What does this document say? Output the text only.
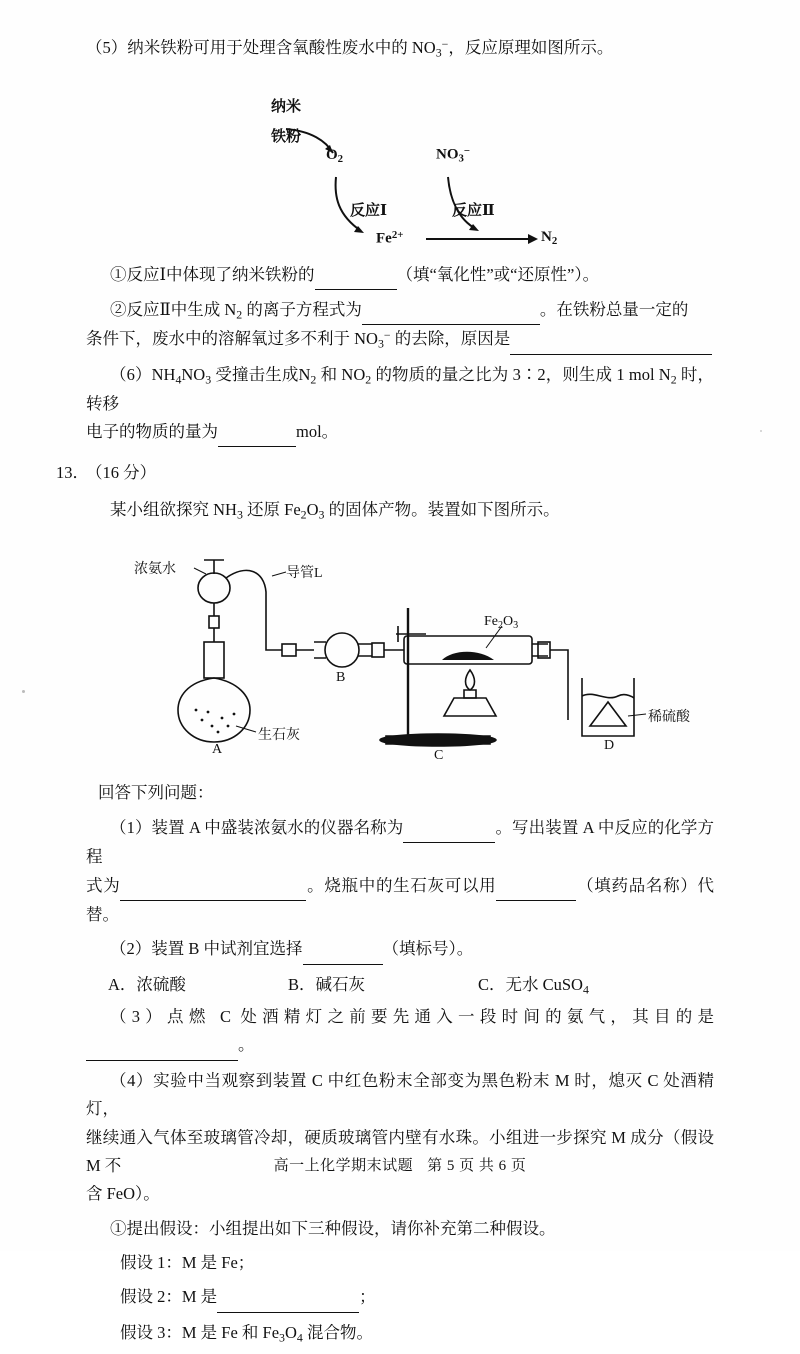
（5）纳米铁粉可用于处理含氧酸性废水中的 $NO_3^-$，反应原理如图所示。

纳米
铁粉
$O_2$	$NO_3^-$
反应Ⅰ	反应Ⅱ
$Fe^{2+}$	$N_2$

①反应Ⅰ中体现了纳米铁粉的	（填“氧化性”或“还原性”）。

②反应Ⅱ中生成 $N_2$ 的离子方程式为	。在铁粉总量一定的

条件下，废水中的溶解氧过多不利于 $NO_3^-$ 的去除，原因是

$(6)NH_4NO_3$ 受撞击生成$N_2$ 和 $NO_2$ 的物质的量之比为 3∶2，则生成 1 mol $N_2$ 时，转移

电子的物质的量为	mol。

13．
（16 分）

某小组欲探究 $NH_3$ 还原 $Fe_2O_3$ 的固体产物。装置如下图所示。

浓氨水	导管L
生石灰
A
B
C
D
$Fe_2O_3$
稀硫酸

回答下列问题：

（1）装置 A 中盛装浓氨水的仪器名称为	。写出装置 A 中反应的化学方程

式为	。烧瓶中的生石灰可以用	（填药品名称）代替。

（2）装置 B 中试剂宜选择	（填标号）。

A．浓硫酸	B．碱石灰	C．无水 CuSO$_4$

（3）点燃 C 处酒精灯之前要先通入一段时间的氨气，其目的是 。

（4）实验中当观察到装置 C 中红色粉末全部变为黑色粉末 M 时，熄灭 C 处酒精灯，

继续通入气体至玻璃管冷却，硬质玻璃管内壁有水珠。小组进一步探究 M 成分（假设 M 不

含 FeO）。

①提出假设：小组提出如下三种假设，请你补充第二种假设。

假设 1：M 是 Fe；

假设 2：M 是	；

假设 3：M 是 Fe 和 $Fe_3O_4$ 混合物。

高一上化学期末试题 第 5 页 共 6 页
